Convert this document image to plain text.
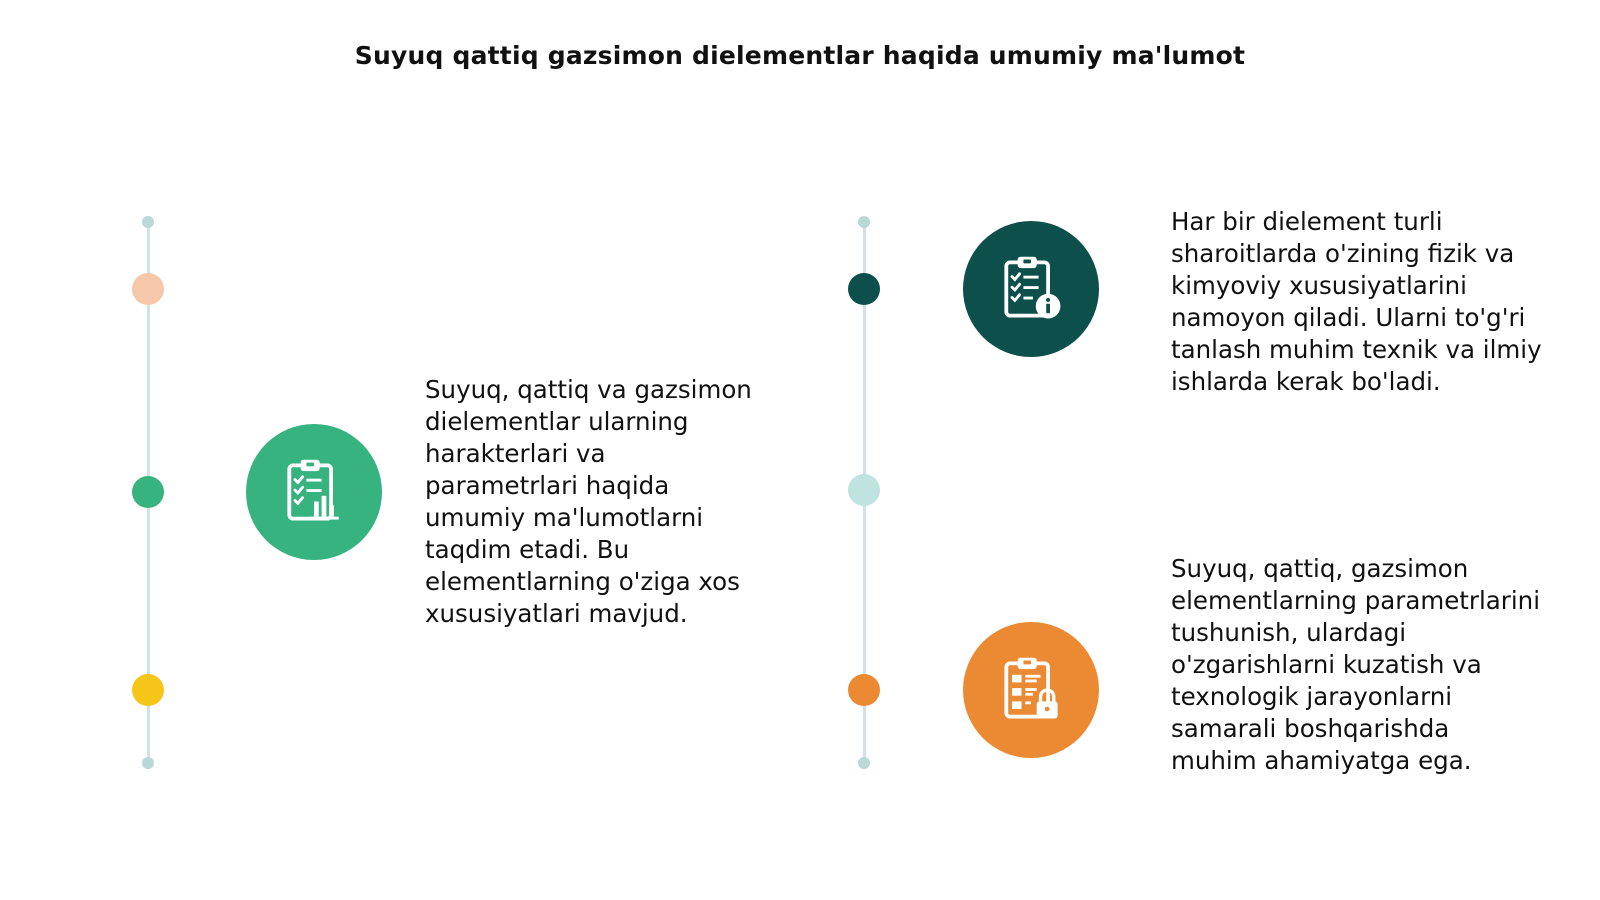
Suyuq qattiq gazsimon dielementlar haqida umumiy ma'lumot

Suyuq, qattiq va gazsimon dielementlar ularning harakterlari va parametrlari haqida umumiy ma'lumotlarni taqdim etadi. Bu elementlarning o'ziga xos xususiyatlari mavjud.

Har bir dielement turli sharoitlarda o'zining fizik va kimyoviy xususiyatlarini namoyon qiladi. Ularni to'g'ri tanlash muhim texnik va ilmiy ishlarda kerak bo'ladi.

Suyuq, qattiq, gazsimon elementlarning parametrlarini tushunish, ulardagi o'zgarishlarni kuzatish va texnologik jarayonlarni samarali boshqarishda muhim ahamiyatga ega.
